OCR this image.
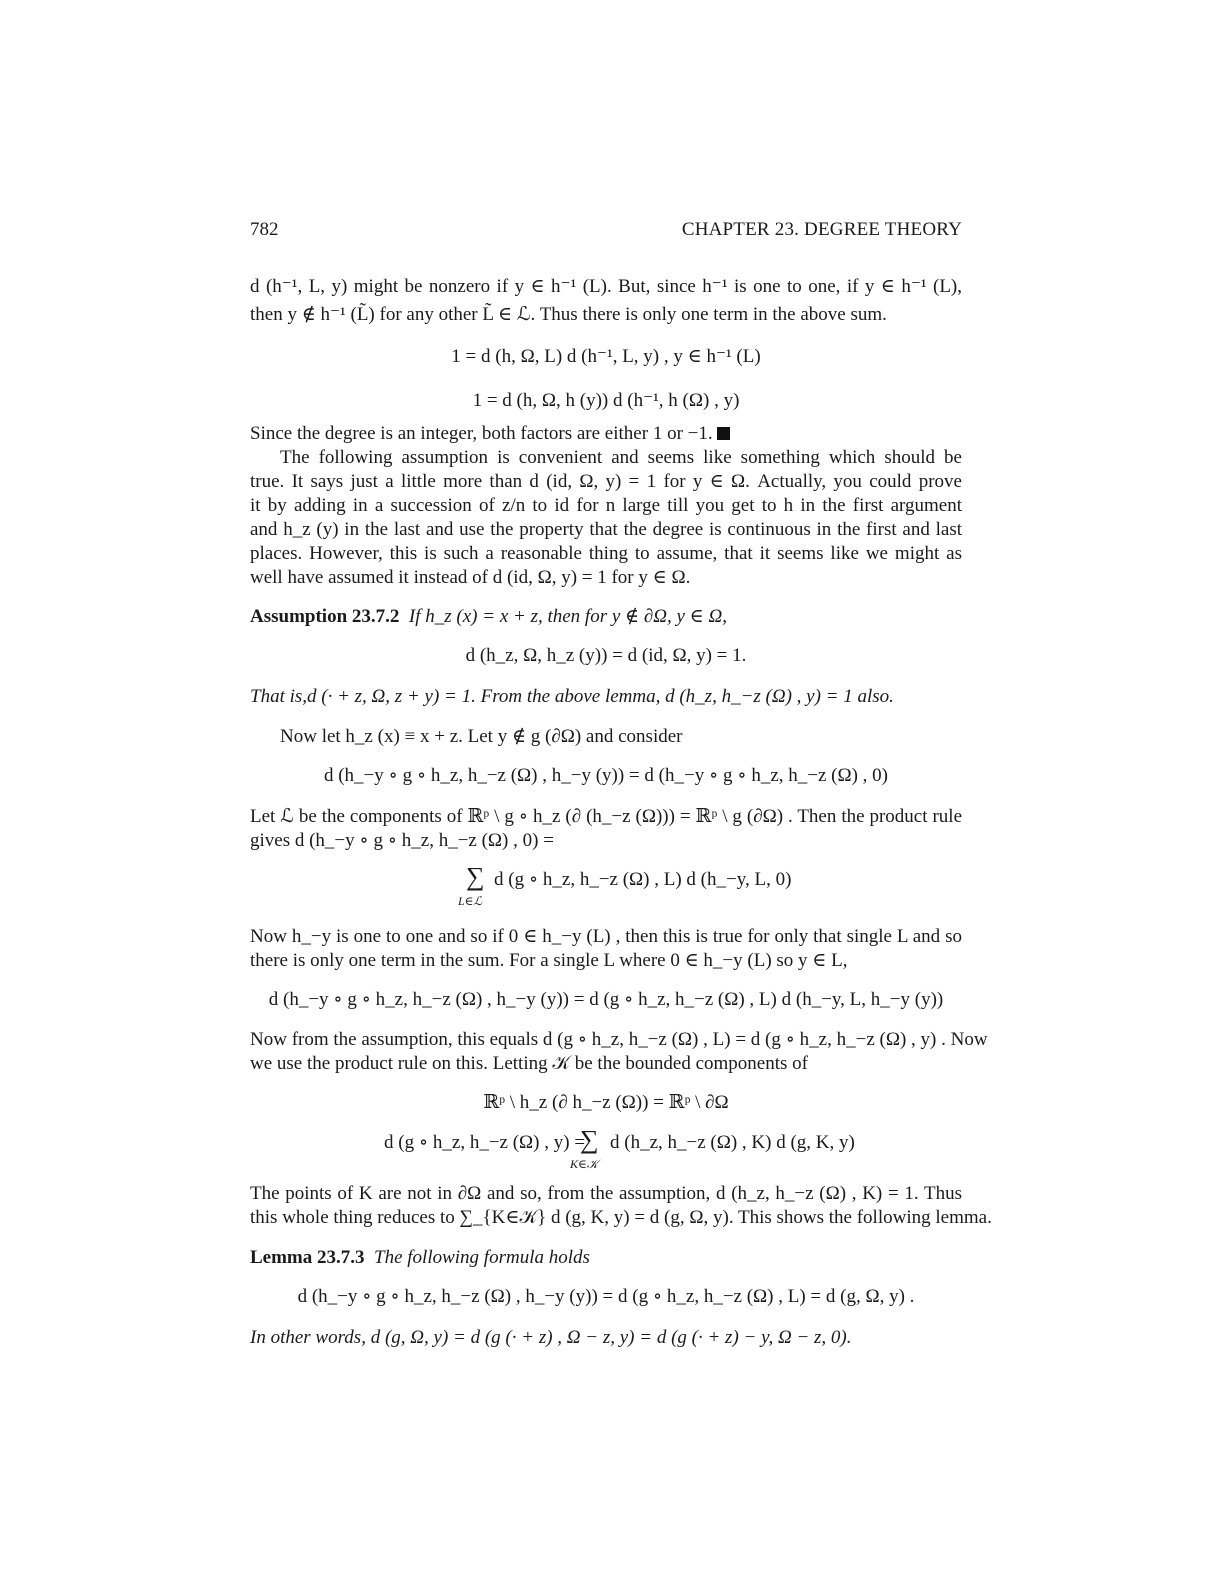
782	CHAPTER 23. DEGREE THEORY
d (h⁻¹, L, y) might be nonzero if y ∈ h⁻¹ (L). But, since h⁻¹ is one to one, if y ∈ h⁻¹ (L),
then y ∉ h⁻¹ (L̃) for any other L̃ ∈ ℒ. Thus there is only one term in the above sum.
1 = d (h, Ω, L) d (h⁻¹, L, y) , y ∈ h⁻¹ (L)
1 = d (h, Ω, h (y)) d (h⁻¹, h (Ω) , y)
Since the degree is an integer, both factors are either 1 or −1.
The following assumption is convenient and seems like something which should be
true. It says just a little more than d (id, Ω, y) = 1 for y ∈ Ω. Actually, you could prove
it by adding in a succession of z/n to id for n large till you get to h in the first argument
and h_z (y) in the last and use the property that the degree is continuous in the first and last
places. However, this is such a reasonable thing to assume, that it seems like we might as
well have assumed it instead of d (id, Ω, y) = 1 for y ∈ Ω.
Assumption 23.7.2 If h_z (x) = x + z, then for y ∉ ∂Ω, y ∈ Ω,
d (h_z, Ω, h_z (y)) = d (id, Ω, y) = 1.
That is,d (· + z, Ω, z + y) = 1. From the above lemma, d (h_z, h_−z (Ω) , y) = 1 also.
Now let h_z (x) ≡ x + z. Let y ∉ g (∂Ω) and consider
d (h_−y ∘ g ∘ h_z, h_−z (Ω) , h_−y (y)) = d (h_−y ∘ g ∘ h_z, h_−z (Ω) , 0)
Let ℒ be the components of ℝᵖ \ g ∘ h_z (∂ (h_−z (Ω))) = ℝᵖ \ g (∂Ω) . Then the product rule
gives d (h_−y ∘ g ∘ h_z, h_−z (Ω) , 0) =
∑
L∈ℒ
d (g ∘ h_z, h_−z (Ω) , L) d (h_−y, L, 0)
Now h_−y is one to one and so if 0 ∈ h_−y (L) , then this is true for only that single L and so
there is only one term in the sum. For a single L where 0 ∈ h_−y (L) so y ∈ L,
d (h_−y ∘ g ∘ h_z, h_−z (Ω) , h_−y (y)) = d (g ∘ h_z, h_−z (Ω) , L) d (h_−y, L, h_−y (y))
Now from the assumption, this equals d (g ∘ h_z, h_−z (Ω) , L) = d (g ∘ h_z, h_−z (Ω) , y) . Now
we use the product rule on this. Letting 𝒦 be the bounded components of
ℝᵖ \ h_z (∂ h_−z (Ω)) = ℝᵖ \ ∂Ω
d (g ∘ h_z, h_−z (Ω) , y) =
∑
K∈𝒦
d (h_z, h_−z (Ω) , K) d (g, K, y)
The points of K are not in ∂Ω and so, from the assumption, d (h_z, h_−z (Ω) , K) = 1. Thus
this whole thing reduces to ∑_{K∈𝒦} d (g, K, y) = d (g, Ω, y). This shows the following lemma.
Lemma 23.7.3 The following formula holds
d (h_−y ∘ g ∘ h_z, h_−z (Ω) , h_−y (y)) = d (g ∘ h_z, h_−z (Ω) , L) = d (g, Ω, y) .
In other words, d (g, Ω, y) = d (g (· + z) , Ω − z, y) = d (g (· + z) − y, Ω − z, 0).
